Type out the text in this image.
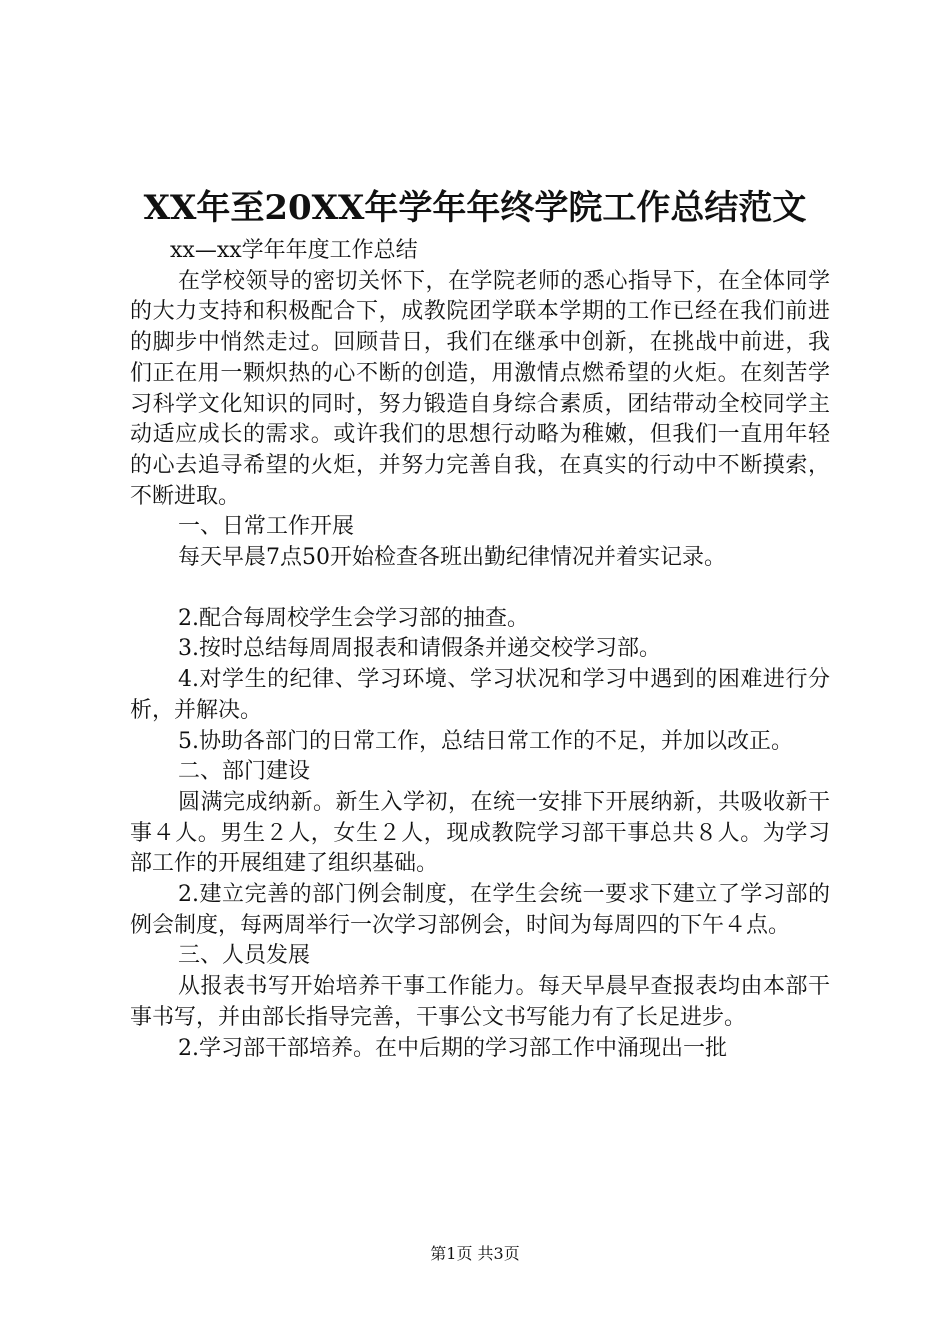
XX年至20XX年学年年终学院工作总结范文

xx—xx学年年度工作总结

在学校领导的密切关怀下，在学院老师的悉心指导下，在全体同学的大力支持和积极配合下，成教院团学联本学期的工作已经在我们前进的脚步中悄然走过。回顾昔日，我们在继承中创新，在挑战中前进，我们正在用一颗炽热的心不断的创造，用激情点燃希望的火炬。在刻苦学习科学文化知识的同时，努力锻造自身综合素质，团结带动全校同学主动适应成长的需求。或许我们的思想行动略为稚嫩，但我们一直用年轻的心去追寻希望的火炬，并努力完善自我，在真实的行动中不断摸索，不断进取。

一、日常工作开展

每天早晨7点50开始检查各班出勤纪律情况并着实记录。

2.配合每周校学生会学习部的抽查。

3.按时总结每周周报表和请假条并递交校学习部。

4.对学生的纪律、学习环境、学习状况和学习中遇到的困难进行分析，并解决。

5.协助各部门的日常工作，总结日常工作的不足，并加以改正。

二、部门建设

圆满完成纳新。新生入学初，在统一安排下开展纳新，共吸收新干事４人。男生２人，女生２人，现成教院学习部干事总共８人。为学习部工作的开展组建了组织基础。

2.建立完善的部门例会制度，在学生会统一要求下建立了学习部的例会制度，每两周举行一次学习部例会，时间为每周四的下午４点。

三、人员发展

从报表书写开始培养干事工作能力。每天早晨早查报表均由本部干事书写，并由部长指导完善，干事公文书写能力有了长足进步。

2.学习部干部培养。在中后期的学习部工作中涌现出一批

第1页 共3页
